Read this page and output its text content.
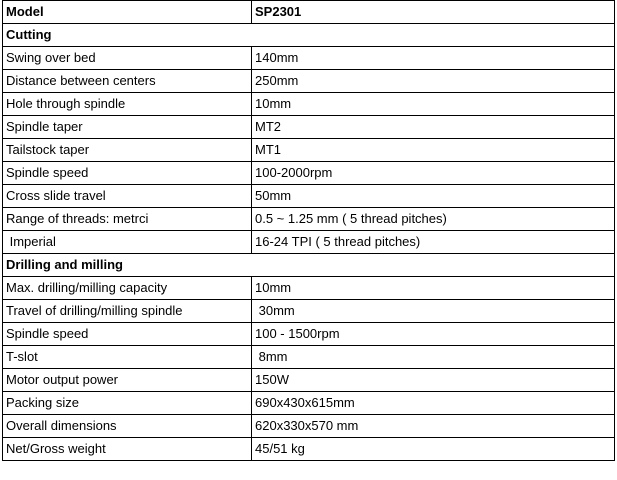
Model	SP2301
Cutting	
Swing over bed	140mm
Distance between centers	250mm
Hole through spindle	10mm
Spindle taper	MT2
Tailstock taper	MT1
Spindle speed	100-2000rpm
Cross slide travel	50mm
Range of threads: metrci	0.5 ~ 1.25 mm ( 5 thread pitches)
Imperial	16-24 TPI ( 5 thread pitches)
Drilling and milling	
Max. drilling/milling capacity	10mm
Travel of drilling/milling spindle	30mm
Spindle speed	100 - 1500rpm
T-slot	8mm
Motor output power	150W
Packing size	690x430x615mm
Overall dimensions	620x330x570 mm
Net/Gross weight	45/51 kg
